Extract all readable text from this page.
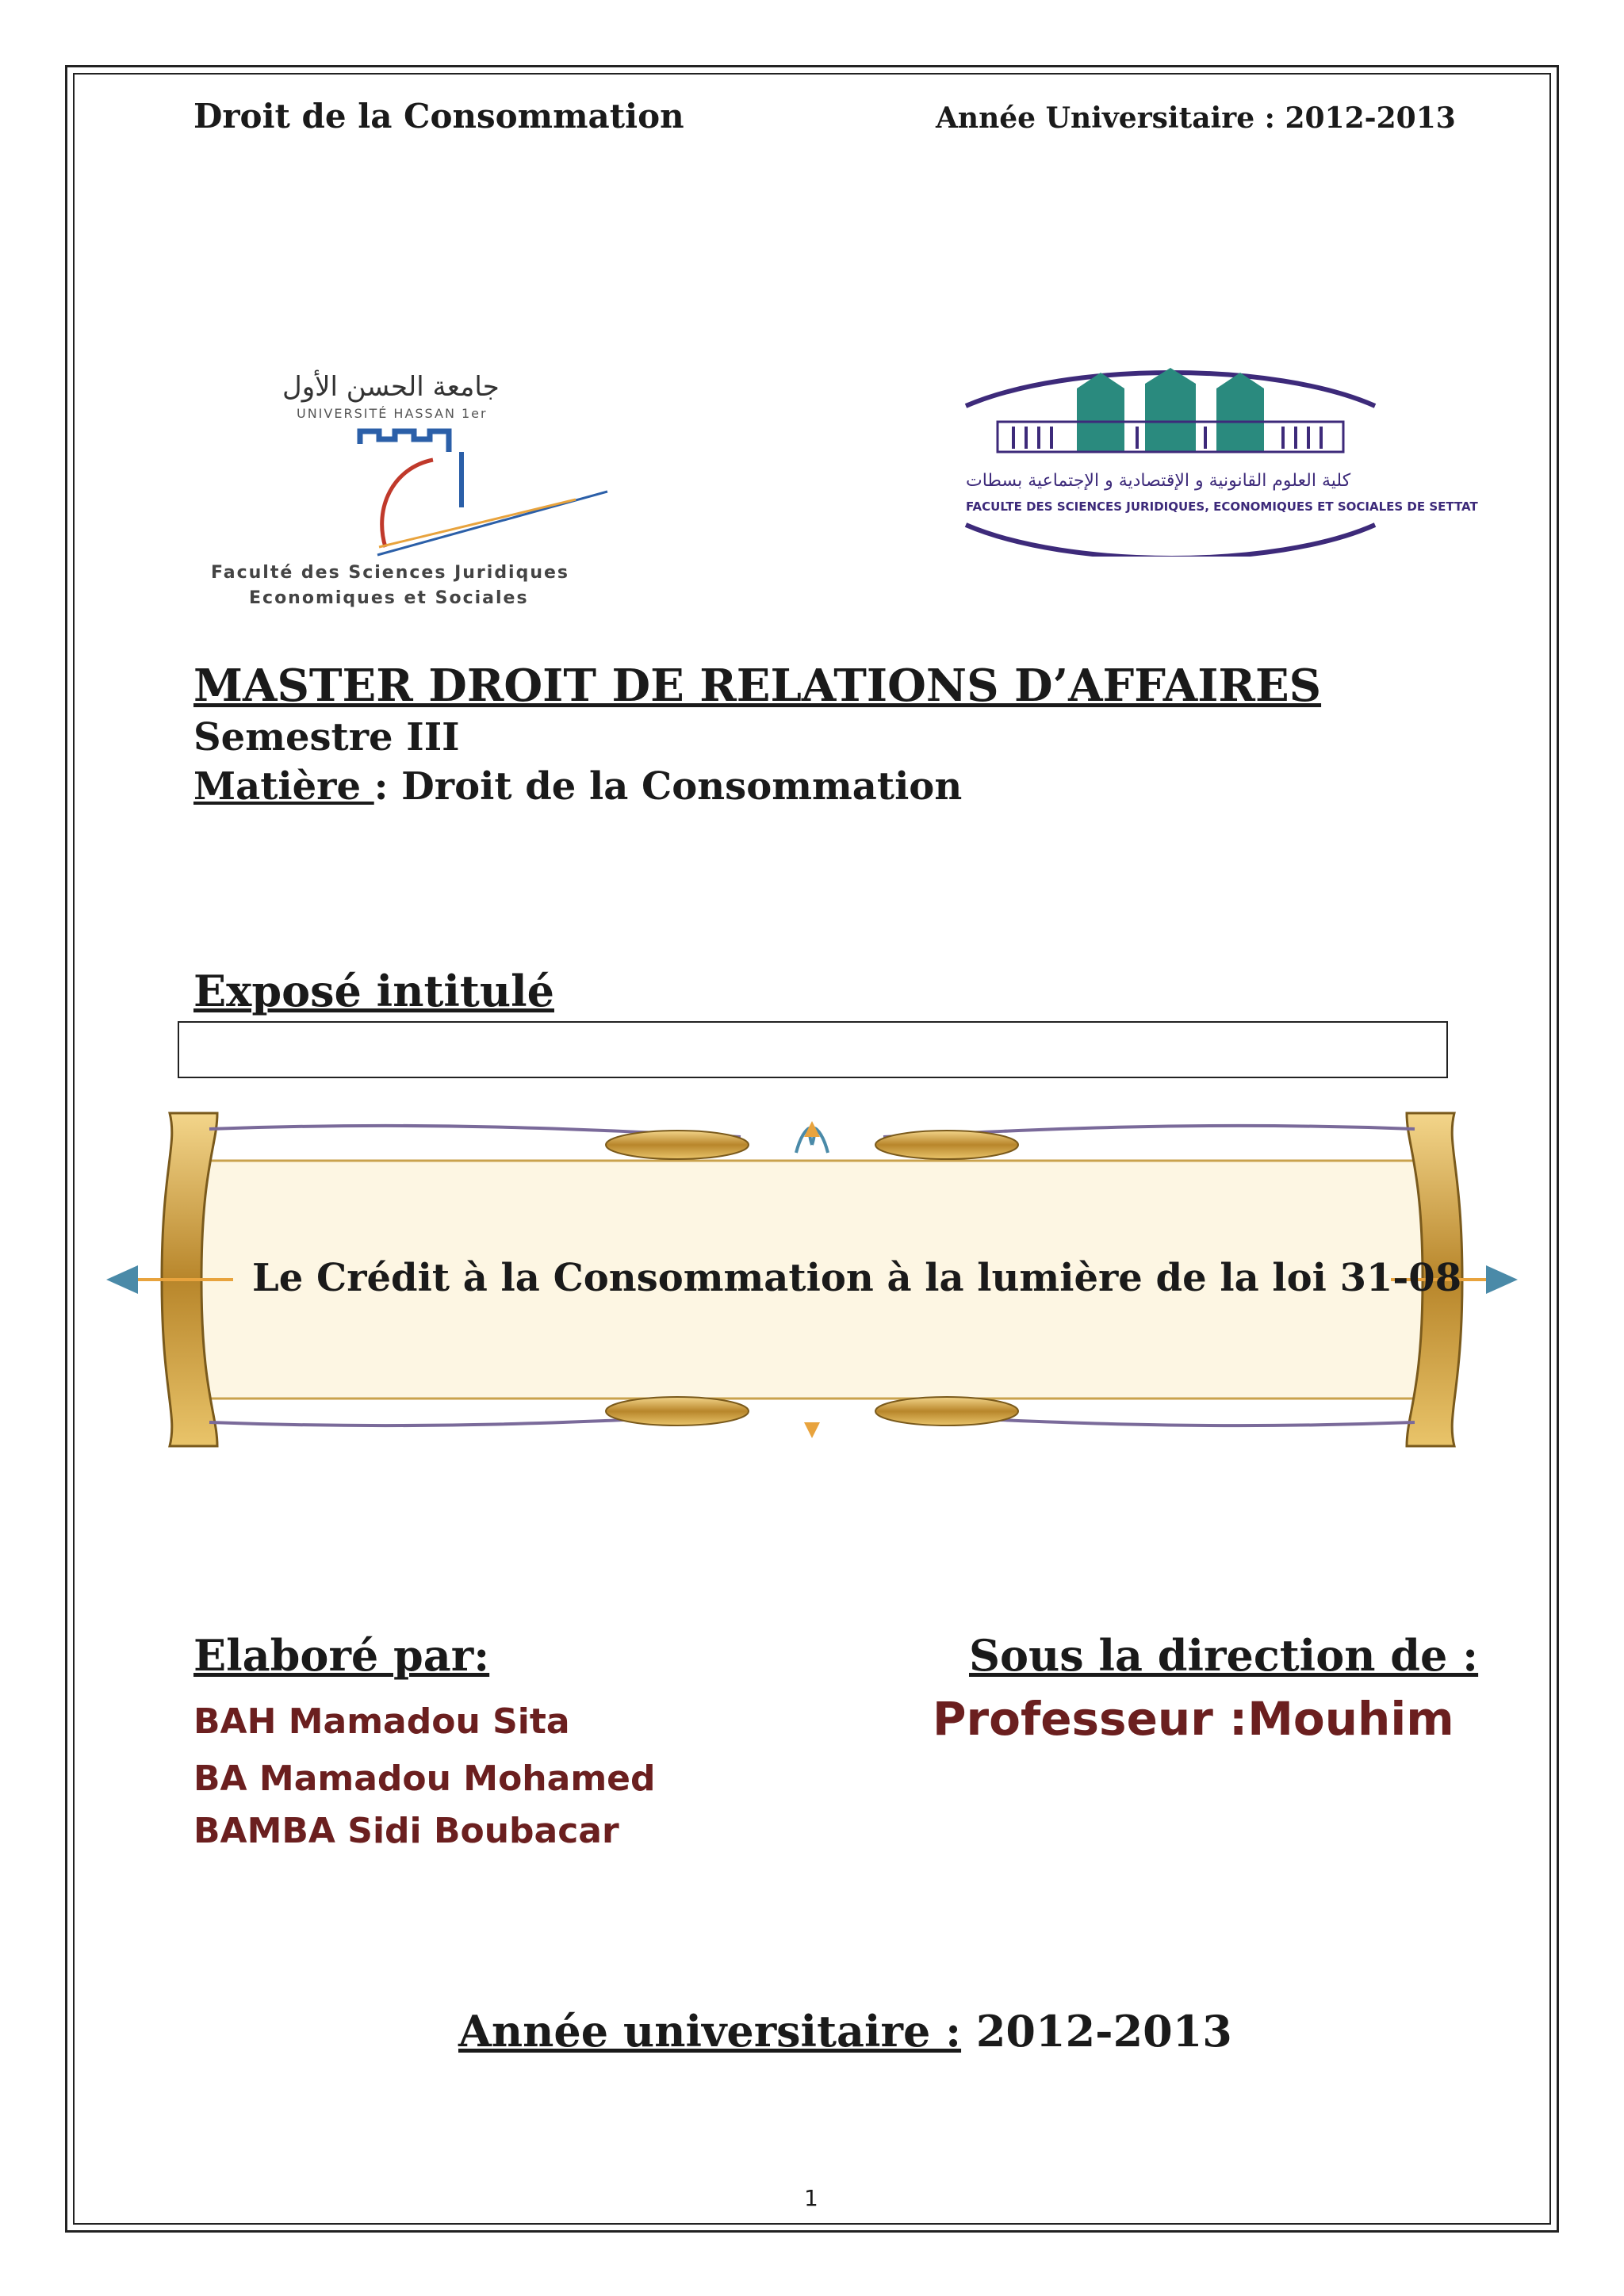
Droit de la Consommation	Année Universitaire : 2012-2013
جامعة الحسن الأول
UNIVERSITÉ HASSAN 1er
Faculté des Sciences Juridiques
Economiques et Sociales
كلية العلوم القانونية و الإقتصادية و الإجتماعية بسطات
FACULTE DES SCIENCES JURIDIQUES, ECONOMIQUES ET SOCIALES DE SETTAT
MASTER DROIT DE RELATIONS D’AFFAIRES
Semestre III
Matière : Droit de la Consommation
Exposé intitulé
Le Crédit à la Consommation à la lumière de la loi 31-08
Elaboré par:	Sous la direction de :
BAH Mamadou Sita
BA Mamadou Mohamed
BAMBA Sidi Boubacar
Professeur :Mouhim
Année universitaire : 2012-2013
1
